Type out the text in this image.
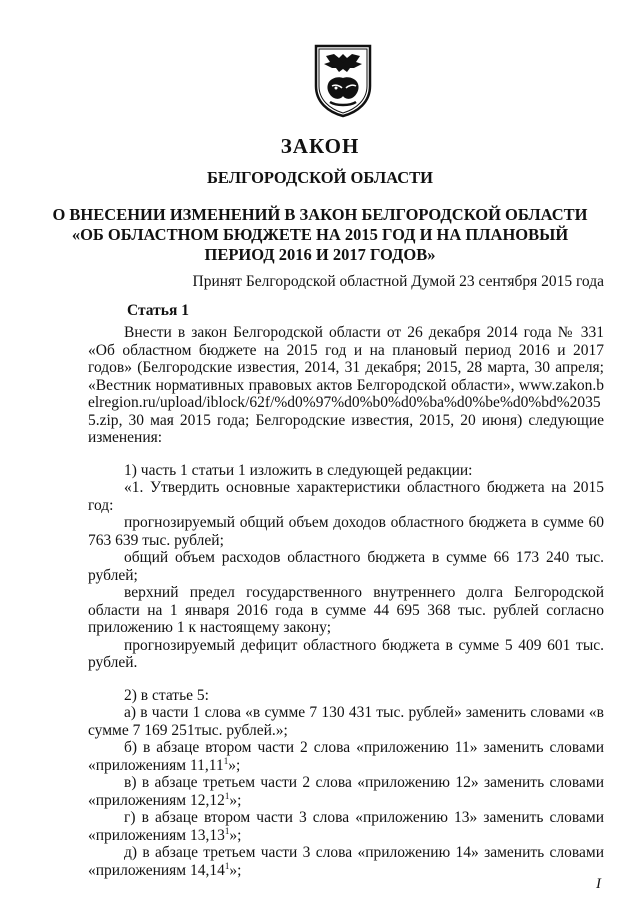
ЗАКОН
БЕЛГОРОДСКОЙ ОБЛАСТИ
О ВНЕСЕНИИ ИЗМЕНЕНИЙ В ЗАКОН БЕЛГОРОДСКОЙ ОБЛАСТИ
«ОБ ОБЛАСТНОМ БЮДЖЕТЕ НА 2015 ГОД И НА ПЛАНОВЫЙ
ПЕРИОД 2016 И 2017 ГОДОВ»
Принят Белгородской областной Думой 23 сентября 2015 года
Статья 1

Внести в закон Белгородской области от 26 декабря 2014 года № 331 «Об областном бюджете на 2015 год и на плановый период 2016 и 2017 годов» (Белгородские известия, 2014, 31 декабря; 2015, 28 марта, 30 апреля; «Вестник нормативных правовых актов Белгородской области», www.zakon.belregion.ru/upload/iblock/62f/%d0%97%d0%b0%d0%ba%d0%be%d0%bd%20355.zip, 30 мая 2015 года; Белгородские известия, 2015, 20 июня) следующие изменения:

1) часть 1 статьи 1 изложить в следующей редакции:

«1. Утвердить основные характеристики областного бюджета на 2015 год:

прогнозируемый общий объем доходов областного бюджета в сумме 60 763 639 тыс. рублей;

общий объем расходов областного бюджета в сумме 66 173 240 тыс. рублей;

верхний предел государственного внутреннего долга Белгородской области на 1 января 2016 года в сумме 44 695 368 тыс. рублей согласно приложению 1 к настоящему закону;

прогнозируемый дефицит областного бюджета в сумме 5 409 601 тыс. рублей.

2) в статье 5:

а) в части 1 слова «в сумме 7 130 431 тыс. рублей» заменить словами «в сумме 7 169 251тыс. рублей.»;

б) в абзаце втором части 2 слова «приложению 11» заменить словами «приложениям 11,11$^1$»;

в) в абзаце третьем части 2 слова «приложению 12» заменить словами «приложениям 12,12$^1$»;

г) в абзаце втором части 3 слова «приложению 13» заменить словами «приложениям 13,13$^1$»;

д) в абзаце третьем части 3 слова «приложению 14» заменить словами «приложениям 14,14$^1$»;

I
